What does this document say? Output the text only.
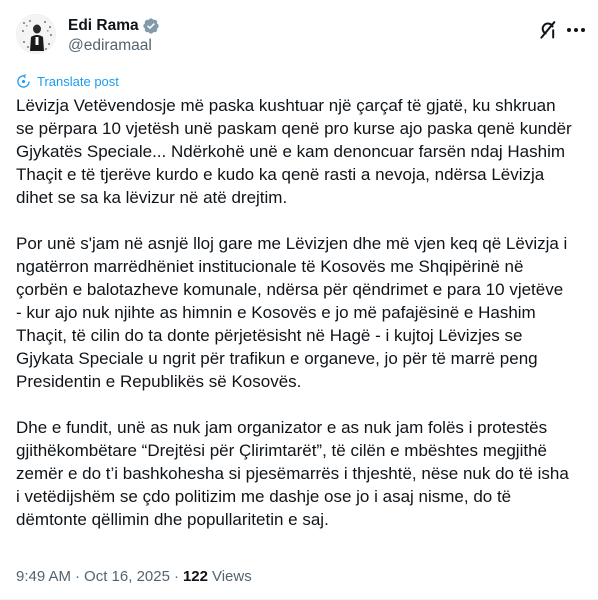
Edi Rama
@ediramaal
Translate post

Lëvizja Vetëvendosje më paska kushtuar një çarçaf të gjatë, ku shkruan
se përpara 10 vjetësh unë paskam qenë pro kurse ajo paska qenë kundër
Gjykatës Speciale... Ndërkohë unë e kam denoncuar farsën ndaj Hashim
Thaçit e të tjerëve kurdo e kudo ka qenë rasti a nevoja, ndërsa Lëvizja
dihet se sa ka lëvizur në atë drejtim.

Por unë s'jam në asnjë lloj gare me Lëvizjen dhe më vjen keq që Lëvizja i
ngatërron marrëdhëniet institucionale të Kosovës me Shqipërinë në
çorbën e balotazheve komunale, ndërsa për qëndrimet e para 10 vjetëve
- kur ajo nuk njihte as himnin e Kosovës e jo më pafajësinë e Hashim
Thaçit, të cilin do ta donte përjetësisht në Hagë - i kujtoj Lëvizjes se
Gjykata Speciale u ngrit për trafikun e organeve, jo për të marrë peng
Presidentin e Republikës së Kosovës.

Dhe e fundit, unë as nuk jam organizator e as nuk jam folës i protestës
gjithëkombëtare “Drejtësi për Çlirimtarët”, të cilën e mbështes megjithë
zemër e do t’i bashkohesha si pjesëmarrës i thjeshtë, nëse nuk do të isha
i vetëdijshëm se çdo politizim me dashje ose jo i asaj nisme, do të
dëmtonte qëllimin dhe popullaritetin e saj.

9:49 AM · Oct 16, 2025 · 122 Views
